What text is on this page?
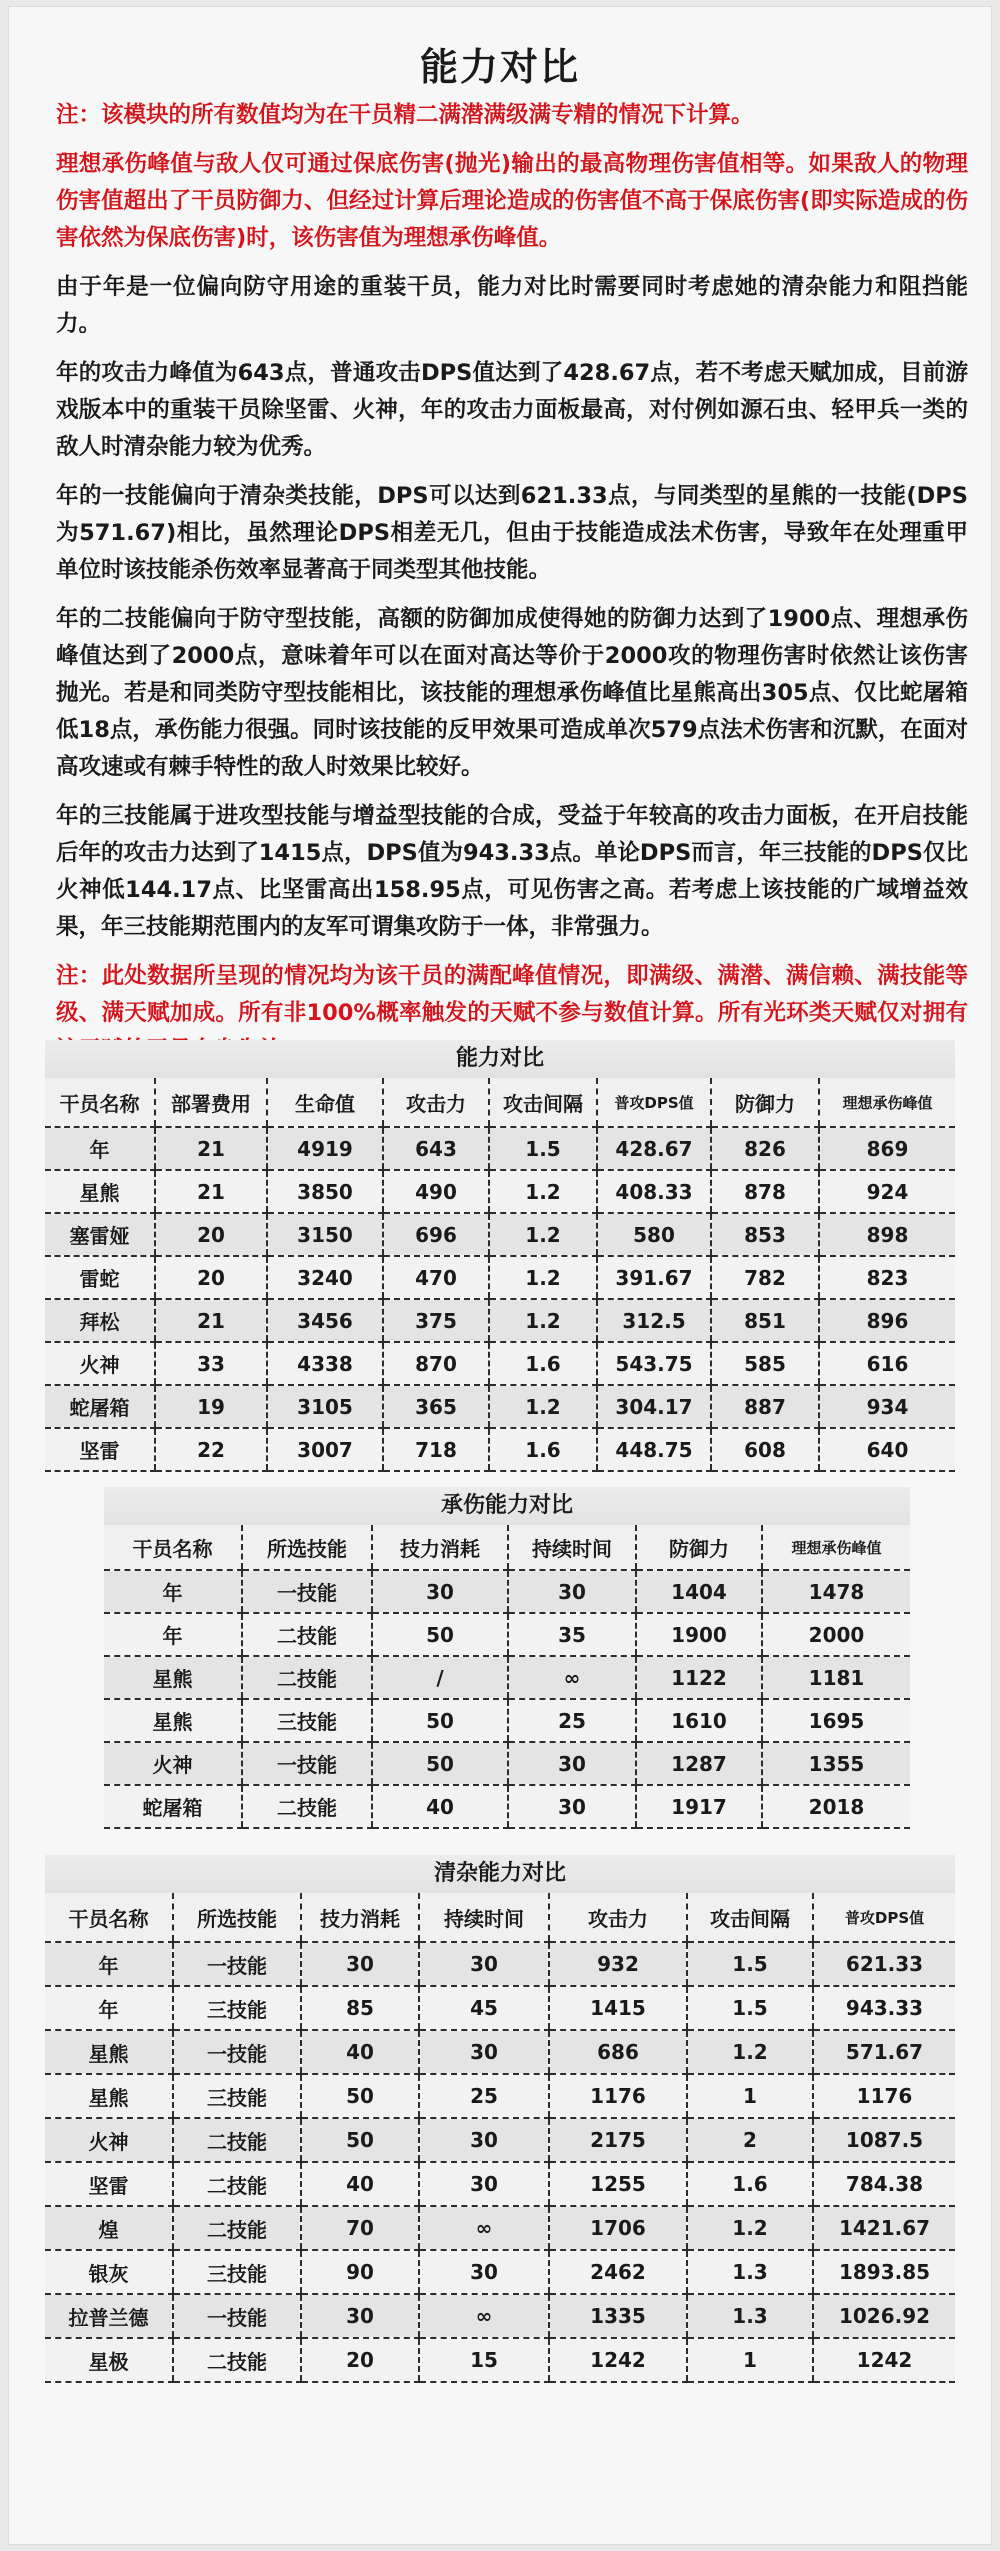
能力对比
注：该模块的所有数值均为在干员精二满潜满级满专精的情况下计算。
理想承伤峰值与敌人仅可通过保底伤害(抛光)输出的最高物理伤害值相等。如果敌人的物理伤害值超出了干员防御力、但经过计算后理论造成的伤害值不高于保底伤害(即实际造成的伤害依然为保底伤害)时，该伤害值为理想承伤峰值。
由于年是一位偏向防守用途的重装干员，能力对比时需要同时考虑她的清杂能力和阻挡能力。
年的攻击力峰值为643点，普通攻击DPS值达到了428.67点，若不考虑天赋加成，目前游戏版本中的重装干员除坚雷、火神，年的攻击力面板最高，对付例如源石虫、轻甲兵一类的敌人时清杂能力较为优秀。
年的一技能偏向于清杂类技能，DPS可以达到621.33点，与同类型的星熊的一技能(DPS为571.67)相比，虽然理论DPS相差无几，但由于技能造成法术伤害，导致年在处理重甲单位时该技能杀伤效率显著高于同类型其他技能。
年的二技能偏向于防守型技能，高额的防御加成使得她的防御力达到了1900点、理想承伤峰值达到了2000点，意味着年可以在面对高达等价于2000攻的物理伤害时依然让该伤害抛光。若是和同类防守型技能相比，该技能的理想承伤峰值比星熊高出305点、仅比蛇屠箱低18点，承伤能力很强。同时该技能的反甲效果可造成单次579点法术伤害和沉默，在面对高攻速或有棘手特性的敌人时效果比较好。
年的三技能属于进攻型技能与增益型技能的合成，受益于年较高的攻击力面板，在开启技能后年的攻击力达到了1415点，DPS值为943.33点。单论DPS而言，年三技能的DPS仅比火神低144.17点、比坚雷高出158.95点，可见伤害之高。若考虑上该技能的广域增益效果，年三技能期范围内的友军可谓集攻防于一体，非常强力。
注：此处数据所呈现的情况均为该干员的满配峰值情况，即满级、满潜、满信赖、满技能等级、满天赋加成。所有非100%概率触发的天赋不参与数值计算。所有光环类天赋仅对拥有
能力对比
干员名称	部署费用	生命值	攻击力	攻击间隔	普攻DPS值	防御力	理想承伤峰值
年	21	4919	643	1.5	428.67	826	869
星熊	21	3850	490	1.2	408.33	878	924
塞雷娅	20	3150	696	1.2	580	853	898
雷蛇	20	3240	470	1.2	391.67	782	823
拜松	21	3456	375	1.2	312.5	851	896
火神	33	4338	870	1.6	543.75	585	616
蛇屠箱	19	3105	365	1.2	304.17	887	934
坚雷	22	3007	718	1.6	448.75	608	640
承伤能力对比
干员名称	所选技能	技力消耗	持续时间	防御力	理想承伤峰值
年	一技能	30	30	1404	1478
年	二技能	50	35	1900	2000
星熊	二技能	/	∞	1122	1181
星熊	三技能	50	25	1610	1695
火神	一技能	50	30	1287	1355
蛇屠箱	二技能	40	30	1917	2018
清杂能力对比
干员名称	所选技能	技力消耗	持续时间	攻击力	攻击间隔	普攻DPS值
年	一技能	30	30	932	1.5	621.33
年	三技能	85	45	1415	1.5	943.33
星熊	一技能	40	30	686	1.2	571.67
星熊	三技能	50	25	1176	1	1176
火神	二技能	50	30	2175	2	1087.5
坚雷	二技能	40	30	1255	1.6	784.38
煌	二技能	70	∞	1706	1.2	1421.67
银灰	三技能	90	30	2462	1.3	1893.85
拉普兰德	一技能	30	∞	1335	1.3	1026.92
星极	二技能	20	15	1242	1	1242
